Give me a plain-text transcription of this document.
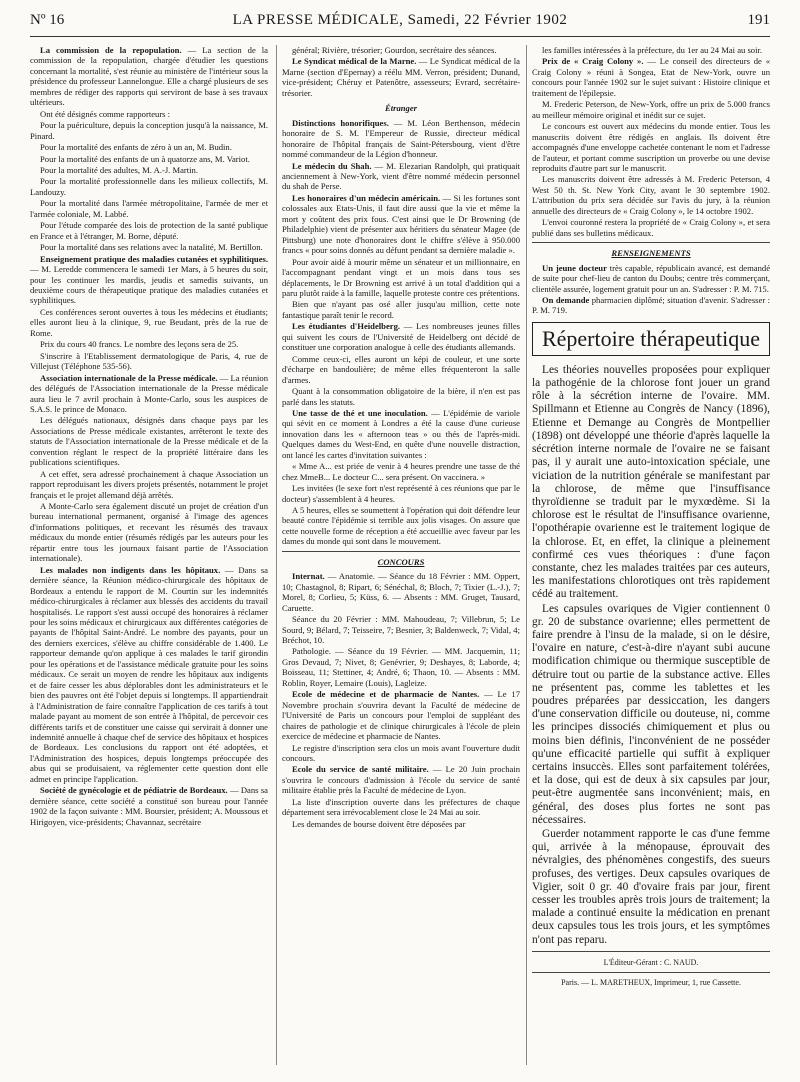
Nº 16	LA PRESSE MÉDICALE, Samedi, 22 Février 1902	191

La commission de la repopulation. — La section de la commission de la repopulation, chargée d'étudier les questions concernant la mortalité, s'est réunie au ministère de l'intérieur sous la présidence du professeur Lannelongue. Elle a chargé plusieurs de ses membres de rédiger des rapports qui serviront de base à ses travaux ultérieurs.

Ont été désignés comme rapporteurs :

Pour la puériculture, depuis la conception jusqu'à la naissance, M. Pinard.

Pour la mortalité des enfants de zéro à un an, M. Budin.

Pour la mortalité des enfants de un à quatorze ans, M. Variot.

Pour la mortalité des adultes, M. A.-J. Martin.

Pour la mortalité professionnelle dans les milieux collectifs, M. Landouzy.

Pour la mortalité dans l'armée métropolitaine, l'armée de mer et l'armée coloniale, M. Labbé.

Pour l'étude comparée des lois de protection de la santé publique en France et à l'étranger, M. Borne, député.

Pour la mortalité dans ses relations avec la natalité, M. Bertillon.

Enseignement pratique des maladies cutanées et syphilitiques. — M. Leredde commencera le samedi 1er Mars, à 5 heures du soir, pour les continuer les mardis, jeudis et samedis suivants, un deuxième cours de thérapeutique pratique des maladies cutanées et syphilitiques.

Ces conférences seront ouvertes à tous les médecins et étudiants; elles auront lieu à la clinique, 9, rue Beudant, près de la rue de Rome.

Prix du cours 40 francs. Le nombre des leçons sera de 25.

S'inscrire à l'Etablissement dermatologique de Paris, 4, rue de Villejust (Téléphone 535-56).

Association internationale de la Presse médicale. — La réunion des délégués de l'Association internationale de la Presse médicale aura lieu le 7 avril prochain à Monte-Carlo, sous les auspices de S.A.S. le prince de Monaco.

Les délégués nationaux, désignés dans chaque pays par les Associations de Presse médicale existantes, arrêteront le texte des statuts de l'Association internationale de la Presse médicale et de la convention réglant le respect de la propriété littéraire dans les publications scientifiques.

A cet effet, sera adressé prochainement à chaque Association un rapport reproduisant les divers projets présentés, notamment le projet français et le projet allemand déjà arrêtés.

A Monte-Carlo sera également discuté un projet de création d'un bureau international permanent, organisé à l'image des agences d'informations politiques, et recevant les résumés des travaux médicaux du monde entier (résumés rédigés par les auteurs pour les répartir entre tous les journaux faisant partie de l'Association internationale).

Les malades non indigents dans les hôpitaux. — Dans sa dernière séance, la Réunion médico-chirurgicale des hôpitaux de Bordeaux a entendu le rapport de M. Courtin sur les indemnités médico-chirurgicales à réclamer aux blessés des accidents du travail hospitalisés. Le rapport s'est aussi occupé des honoraires à réclamer pour les soins médicaux et chirurgicaux aux différentes catégories de payants de l'hôpital Saint-André. Le nombre des payants, pour un des derniers exercices, s'élève au chiffre considérable de 1.400. Le rapporteur demande qu'on applique à ces malades le tarif girondin pour les opérations et de l'assistance médicale gratuite pour les soins médicaux. Ce serait un moyen de rendre les hôpitaux aux indigents et de faire cesser les abus déplorables dont les administrateurs et le bien des pauvres ont été l'objet depuis si longtemps. Il appartiendrait à l'Administration de faire connaître l'application de ces tarifs à tout malade payant au moment de son entrée à l'hôpital, de percevoir ces différents tarifs et de constituer une caisse qui servirait à donner une indemnité annuelle à chaque chef de service des hôpitaux et hospices de Bordeaux. Les conclusions du rapport ont été adoptées, et l'Administration des hospices, depuis longtemps préoccupée des abus qui se produisaient, va réglementer cette question dont elle admet en principe l'application.

Société de gynécologie et de pédiatrie de Bordeaux. — Dans sa dernière séance, cette société a constitué son bureau pour l'année 1902 de la façon suivante : MM. Boursier, président; A. Moussous et Hirigoyen, vice-présidents; Chavannaz, secrétaire

général; Rivière, trésorier; Gourdon, secrétaire des séances.

Le Syndicat médical de la Marne. — Le Syndicat médical de la Marne (section d'Epernay) a réélu MM. Verron, président; Dunand, vice-président; Chéruy et Patenôtre, assesseurs; Evrard, secrétaire-trésorier.

Étranger

Distinctions honorifiques. — M. Léon Berthenson, médecin honoraire de S. M. l'Empereur de Russie, directeur médical honoraire de l'hôpital français de Saint-Pétersbourg, vient d'être nommé commandeur de la Légion d'honneur.

Le médecin du Shah. — M. Elezarian Randolph, qui pratiquait anciennement à New-York, vient d'être nommé médecin personnel du shah de Perse.

Les honoraires d'un médecin américain. — Si les fortunes sont colossales aux Etats-Unis, il faut dire aussi que la vie et même la mort y coûtent des prix fous. C'est ainsi que le Dr Browning (de Philadelphie) vient de présenter aux héritiers du sénateur Magee (de Pittsburg) une note d'honoraires dont le chiffre s'élève à 950.000 francs « pour soins donnés au défunt pendant sa dernière maladie ».

Pour avoir aidé à mourir même un sénateur et un millionnaire, en l'accompagnant pendant vingt et un mois dans tous ses déplacements, le Dr Browning est arrivé à un total d'addition qui a paru plutôt raide à la famille, laquelle proteste contre ces prétentions.

Bien que n'ayant pas osé aller jusqu'au million, cette note fantastique paraît tenir le record.

Les étudiantes d'Heidelberg. — Les nombreuses jeunes filles qui suivent les cours de l'Université de Heidelberg ont décidé de constituer une corporation analogue à celle des étudiants allemands.

Comme ceux-ci, elles auront un képi de couleur, et une sorte d'écharpe en bandoulière; de même elles fréquenteront la salle d'armes.

Quant à la consommation obligatoire de la bière, il n'en est pas parlé dans les statuts.

Une tasse de thé et une inoculation. — L'épidémie de variole qui sévit en ce moment à Londres a été la cause d'une curieuse innovation dans les « afternoon teas » ou thés de l'après-midi. Quelques dames du West-End, en quête d'une nouvelle distraction, ont lancé les cartes d'invitation suivantes :

« Mme A... est priée de venir à 4 heures prendre une tasse de thé chez MmeB... Le docteur C... sera présent. On vaccinera. »

Les invitées (le sexe fort n'est représenté à ces réunions que par le docteur) s'assemblent à 4 heures.

A 5 heures, elles se soumettent à l'opération qui doit défendre leur beauté contre l'épidémie si terrible aux jolis visages. On assure que cette nouvelle forme de réception a été accueillie avec faveur par les dames du monde qui sont dans le mouvement.

CONCOURS

Internat. — Anatomie. — Séance du 18 Février : MM. Oppert, 10; Chastagnol, 8; Ripart, 6; Sénéchal, 8; Bloch, 7; Tixier (L.-J.), 7; Morel, 8; Corlieu, 5; Küss, 6. — Absents : MM. Gruget, Tausard, Caruette.

Séance du 20 Février : MM. Mahoudeau, 7; Villebrun, 5; Le Sourd, 9; Bélard, 7; Teisseire, 7; Besnier, 3; Baldenweck, 7; Vidal, 4; Bréchot, 10.

Pathologie. — Séance du 19 Février. — MM. Jacquemin, 11; Gros Devaud, 7; Nivet, 8; Genévrier, 9; Deshayes, 8; Laborde, 4; Boisseau, 11; Stettiner, 4; André, 6; Thaon, 10. — Absents : MM. Roblin, Royer, Lemaire (Louis), Lagleize.

Ecole de médecine et de pharmacie de Nantes. — Le 17 Novembre prochain s'ouvrira devant la Faculté de médecine de l'Université de Paris un concours pour l'emploi de suppléant des chaires de pathologie et de clinique chirurgicales à l'école de plein exercice de médecine et pharmacie de Nantes.

Le registre d'inscription sera clos un mois avant l'ouverture dudit concours.

Ecole du service de santé militaire. — Le 20 Juin prochain s'ouvrira le concours d'admission à l'école du service de santé militaire établie près la Faculté de médecine de Lyon.

La liste d'inscription ouverte dans les préfectures de chaque département sera irrévocablement close le 24 Mai au soir.

Les demandes de bourse doivent être déposées par

les familles intéressées à la préfecture, du 1er au 24 Mai au soir.

Prix de « Craig Colony ». — Le conseil des directeurs de « Craig Colony » réuni à Songea, Etat de New-York, ouvre un concours pour l'année 1902 sur le sujet suivant : Histoire clinique et traitement de l'épilepsie.

M. Frederic Peterson, de New-York, offre un prix de 5.000 francs au meilleur mémoire original et inédit sur ce sujet.

Le concours est ouvert aux médecins du monde entier. Tous les manuscrits doivent être rédigés en anglais. Ils doivent être accompagnés d'une enveloppe cachetée contenant le nom et l'adresse de l'auteur, et portant comme suscription un proverbe ou une devise reproduits d'autre part sur le manuscrit.

Les manuscrits doivent être adressés à M. Frederic Peterson, 4 West 50 th. St. New York City, avant le 30 septembre 1902. L'attribution du prix sera décidée sur l'avis du jury, à la réunion annuelle des directeurs de « Craig Colony », le 14 octobre 1902.

L'envoi couronné restera la propriété de « Craig Colony », et sera publié dans ses bulletins médicaux.

RENSEIGNEMENTS

Un jeune docteur très capable, républicain avancé, est demandé de suite pour chef-lieu de canton du Doubs; centre très commerçant, clientèle assurée, logement gratuit pour un an. S'adresser : P. M. 715.

On demande pharmacien diplômé; situation d'avenir. S'adresser : P. M. 719.

Répertoire thérapeutique

Les théories nouvelles proposées pour expliquer la pathogénie de la chlorose font jouer un grand rôle à la sécrétion interne de l'ovaire. MM. Spillmann et Etienne au Congrès de Nancy (1896), Etienne et Demange au Congrès de Montpellier (1898) ont développé une théorie d'après laquelle la sécrétion interne normale de l'ovaire ne se faisant pas, il y aurait une auto-intoxication spéciale, une viciation de la nutrition générale se manifestant par la chlorose, de même que l'insuffisance thyroïdienne se traduit par le myxœdème. Si la chlorose est le résultat de l'insuffisance ovarienne, l'opothérapie ovarienne est le traitement logique de la chlorose. Et, en effet, la clinique a pleinement confirmé ces vues théoriques : d'une façon constante, chez les malades traitées par ces auteurs, les manifestations chlorotiques ont très rapidement cédé au traitement.

Les capsules ovariques de Vigier contiennent 0 gr. 20 de substance ovarienne; elles permettent de faire prendre à l'insu de la malade, si on le désire, l'ovaire en nature, c'est-à-dire n'ayant subi aucune modification chimique ou thermique susceptible de détruire tout ou partie de la substance active. Elles ne présentent pas, comme les tablettes et les poudres préparées par dessiccation, les dangers d'une conservation difficile ou douteuse, ni, comme les principes dissociés chimiquement et plus ou moins bien définis, l'inconvénient de ne posséder qu'une efficacité partielle qui suffit à expliquer certains insuccès. Elles sont parfaitement tolérées, et la dose, qui est de deux à six capsules par jour, peut-être augmentée sans inconvénient; mais, en général, des doses plus fortes ne sont pas nécessaires.

Guerder notamment rapporte le cas d'une femme qui, arrivée à la ménopause, éprouvait des névralgies, des phénomènes congestifs, des sueurs profuses, des vertiges. Deux capsules ovariques de Vigier, soit 0 gr. 40 d'ovaire frais par jour, firent cesser les troubles après trois jours de traitement; la malade a continué ensuite la médication en prenant deux capsules tous les trois jours, et les symptômes n'ont pas reparu.

L'Éditeur-Gérant : C. NAUD.

Paris. — L. MARETHEUX, Imprimeur, 1, rue Cassette.
